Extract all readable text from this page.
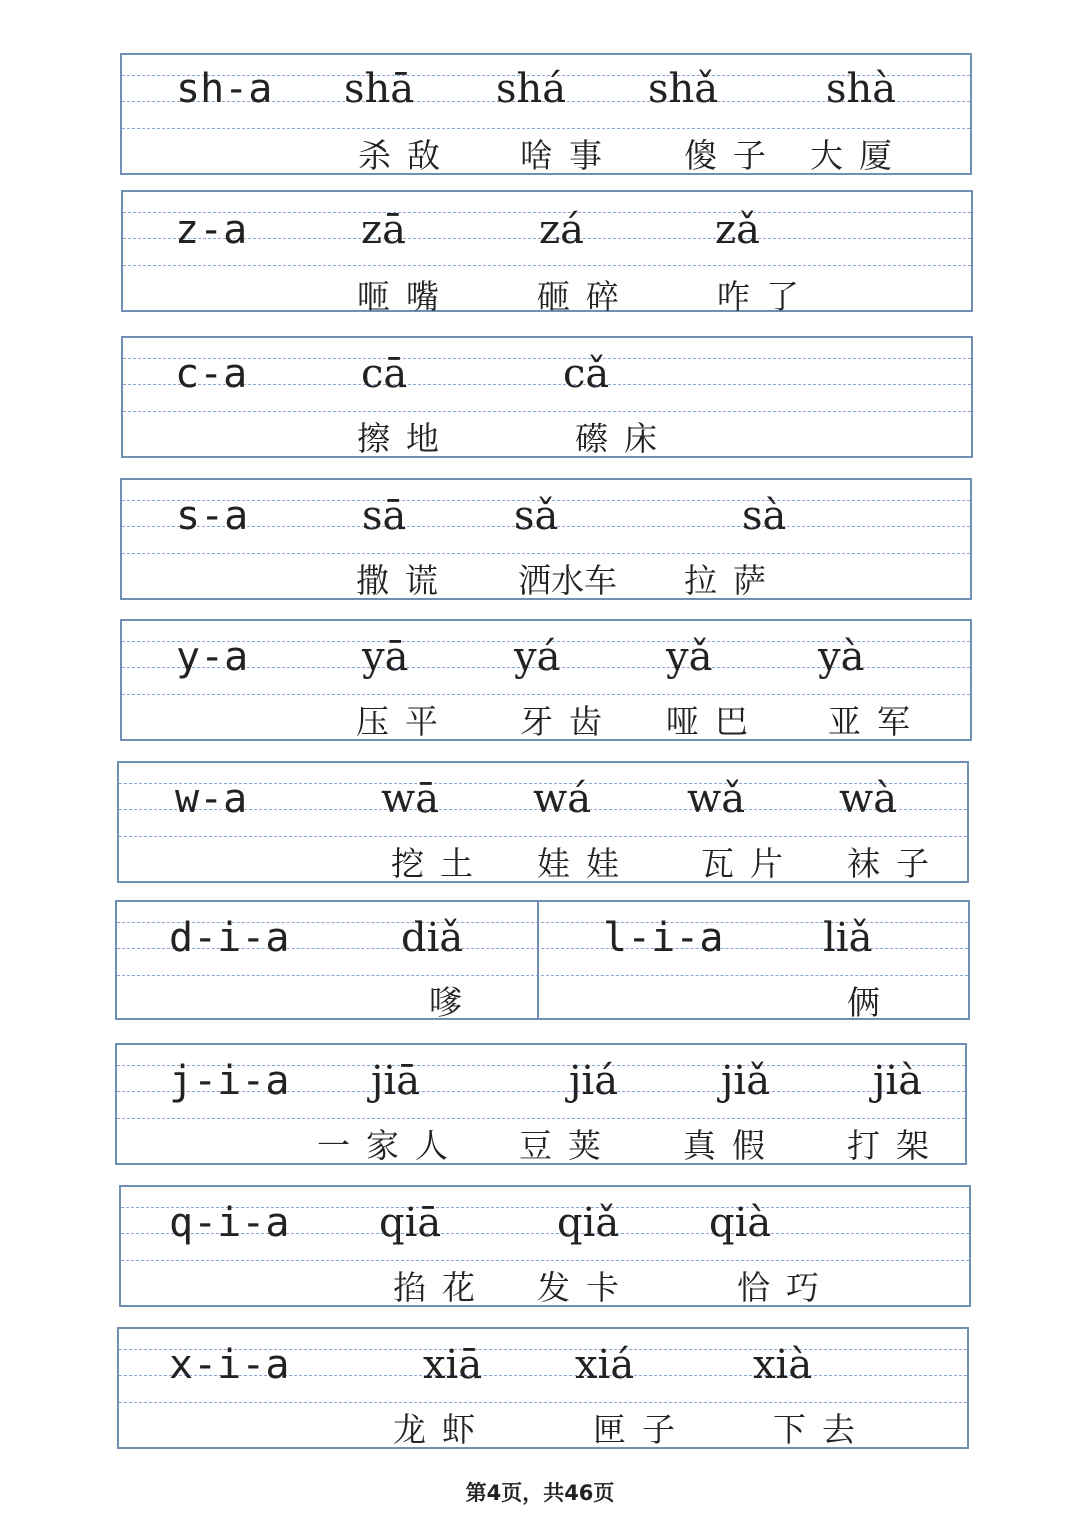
sh-a shā shá shǎ	shà
杀敌 啥事 傻子 大厦
z-a	zā	zá	zǎ
咂嘴 砸碎 咋了
c-a	cā	cǎ
擦地	礤床
s-a	sā	sǎ	sà
撒谎 洒水车 拉萨
y-a	yā	yá	yǎ	yà
压平 牙齿 哑巴 亚军
w-a	wā wá wǎ wà
挖土 娃娃 瓦片 袜子
d-i-a	diǎ
嗲
l-i-a liǎ
俩
j-i-a jiā	jiá	jiǎ	jià
一家人 豆荚 真假 打架
q-i-a qiā	qiǎ qià
掐花 发卡	恰巧
x-i-a	xiā xiá	xià
龙虾	匣子 下去
第4页，共46页
